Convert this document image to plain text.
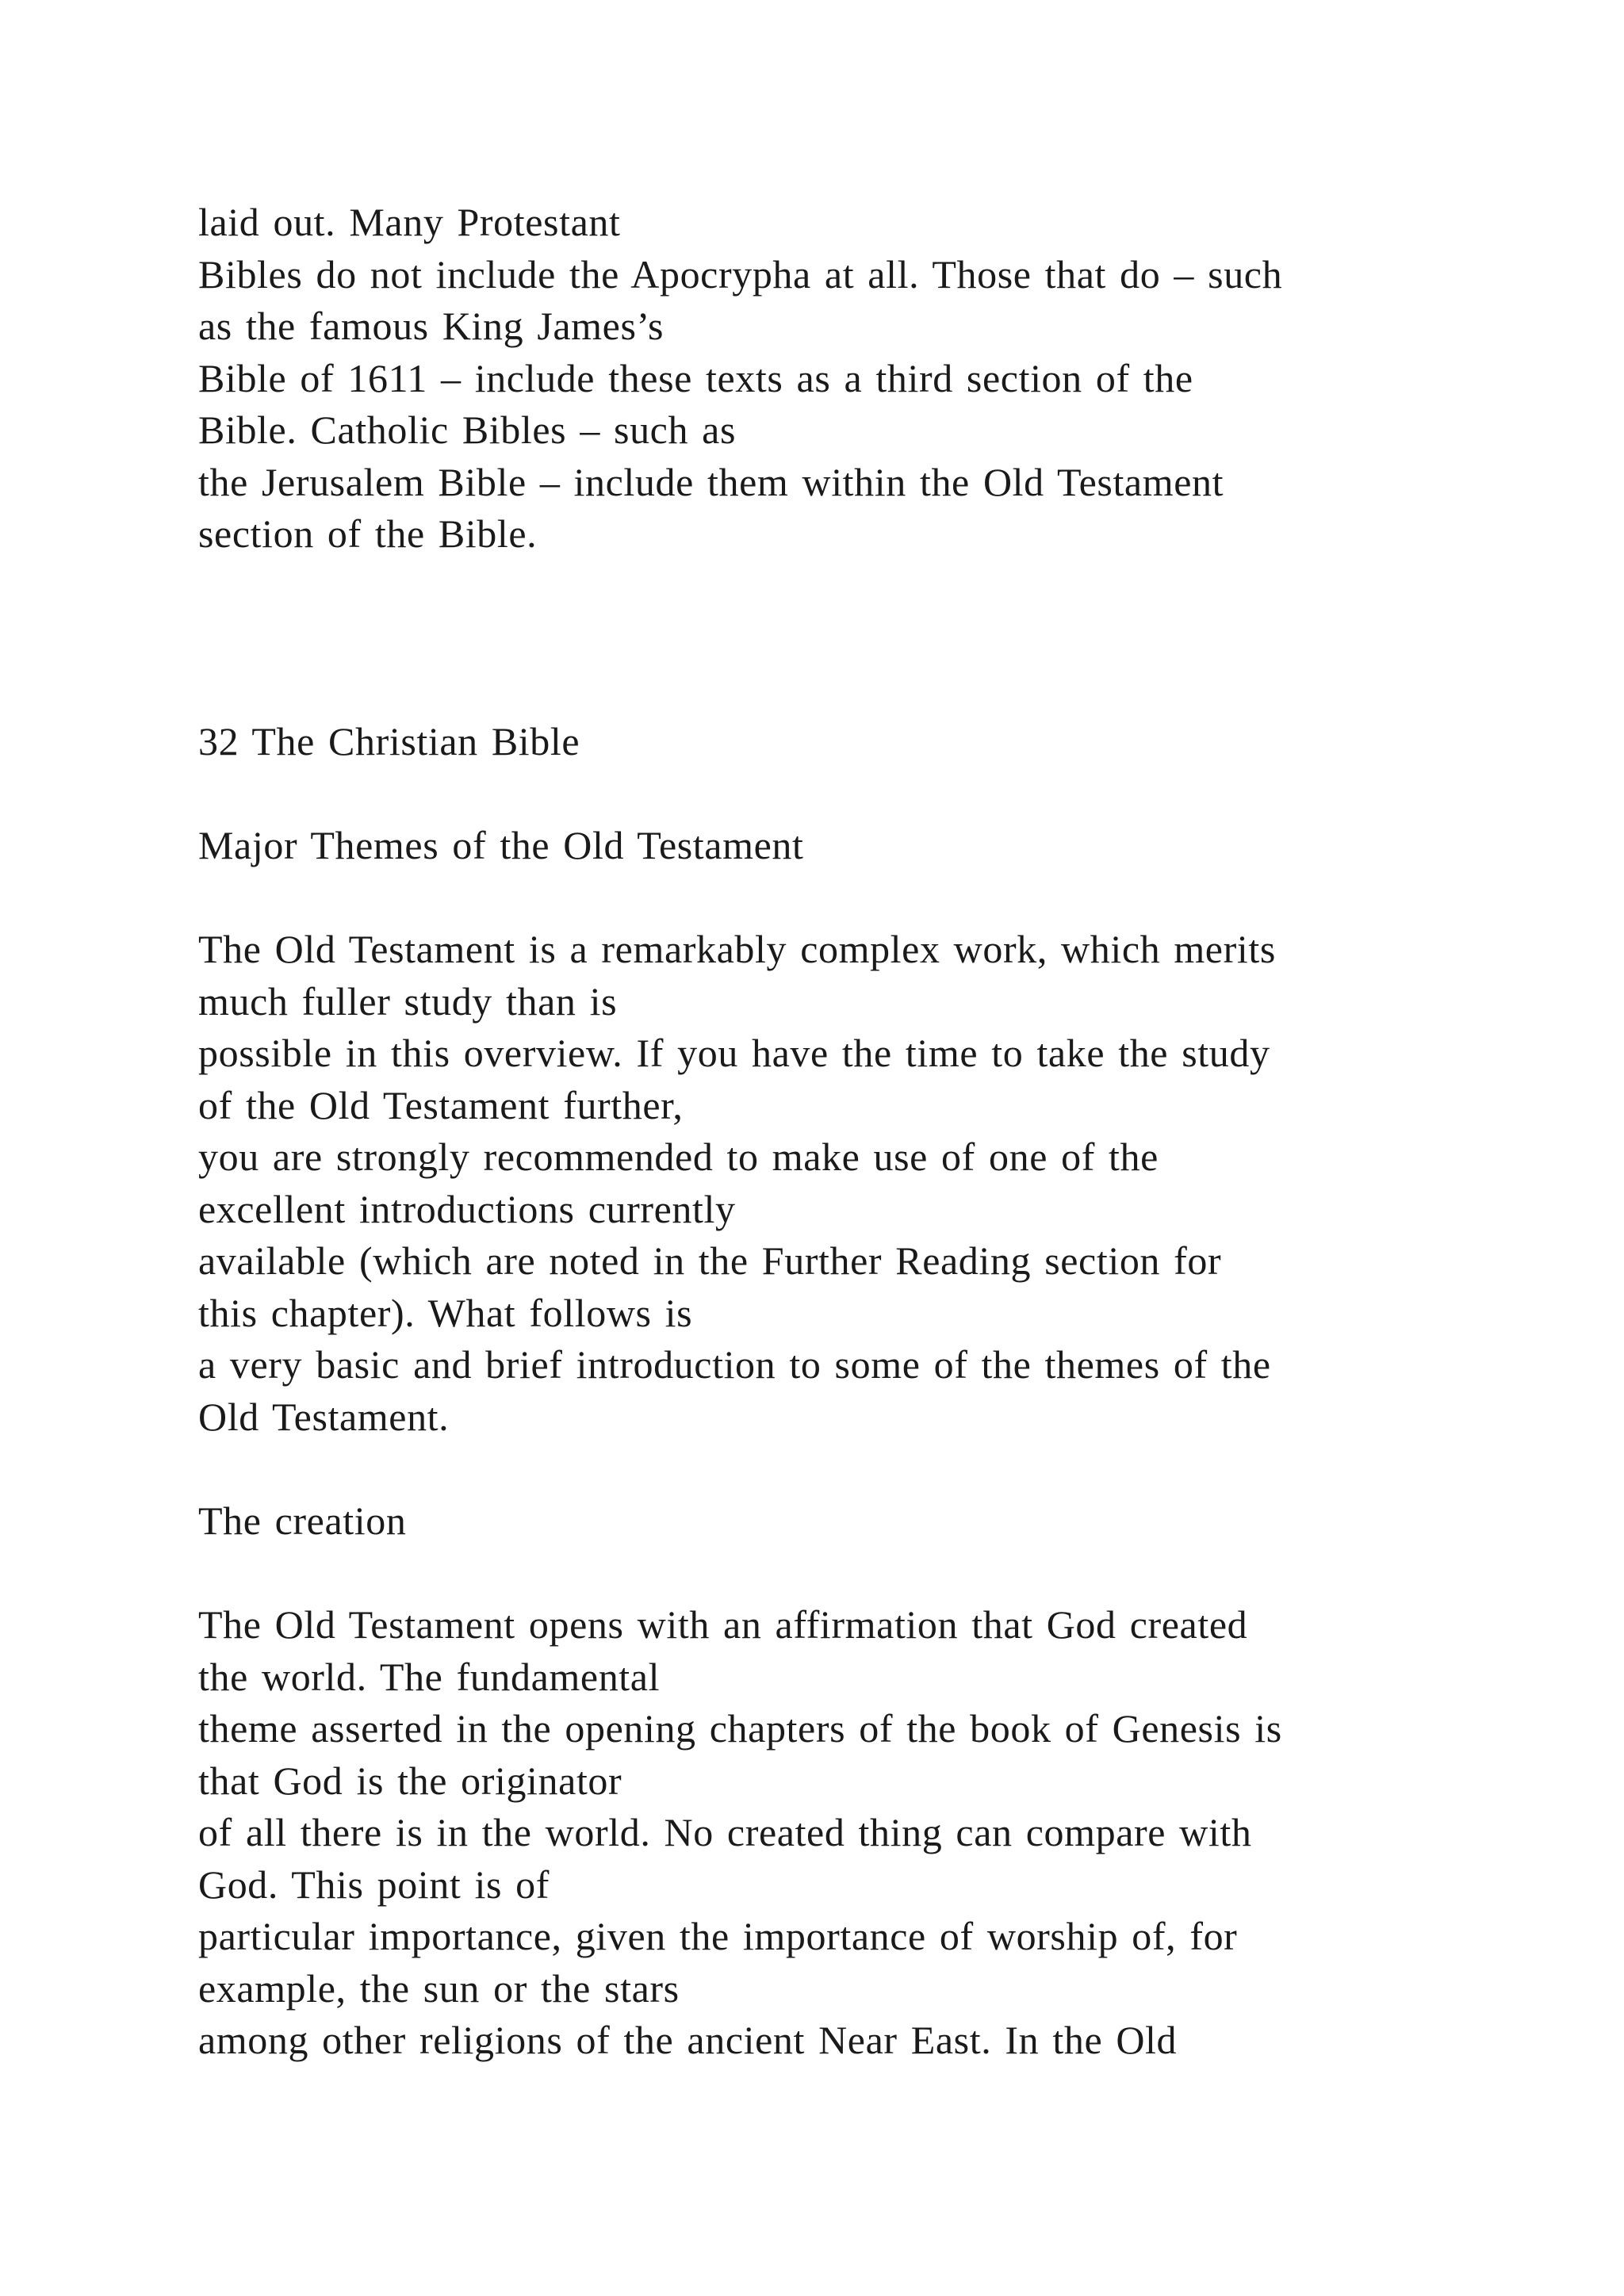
laid out. Many Protestant
Bibles do not include the Apocrypha at all. Those that do – such
as the famous King James’s
Bible of 1611 – include these texts as a third section of the
Bible. Catholic Bibles – such as
the Jerusalem Bible – include them within the Old Testament
section of the Bible.
32 The Christian Bible
Major Themes of the Old Testament
The Old Testament is a remarkably complex work, which merits
much fuller study than is
possible in this overview. If you have the time to take the study
of the Old Testament further,
you are strongly recommended to make use of one of the
excellent introductions currently
available (which are noted in the Further Reading section for
this chapter). What follows is
a very basic and brief introduction to some of the themes of the
Old Testament.
The creation
The Old Testament opens with an affirmation that God created
the world. The fundamental
theme asserted in the opening chapters of the book of Genesis is
that God is the originator
of all there is in the world. No created thing can compare with
God. This point is of
particular importance, given the importance of worship of, for
example, the sun or the stars
among other religions of the ancient Near East. In the Old
